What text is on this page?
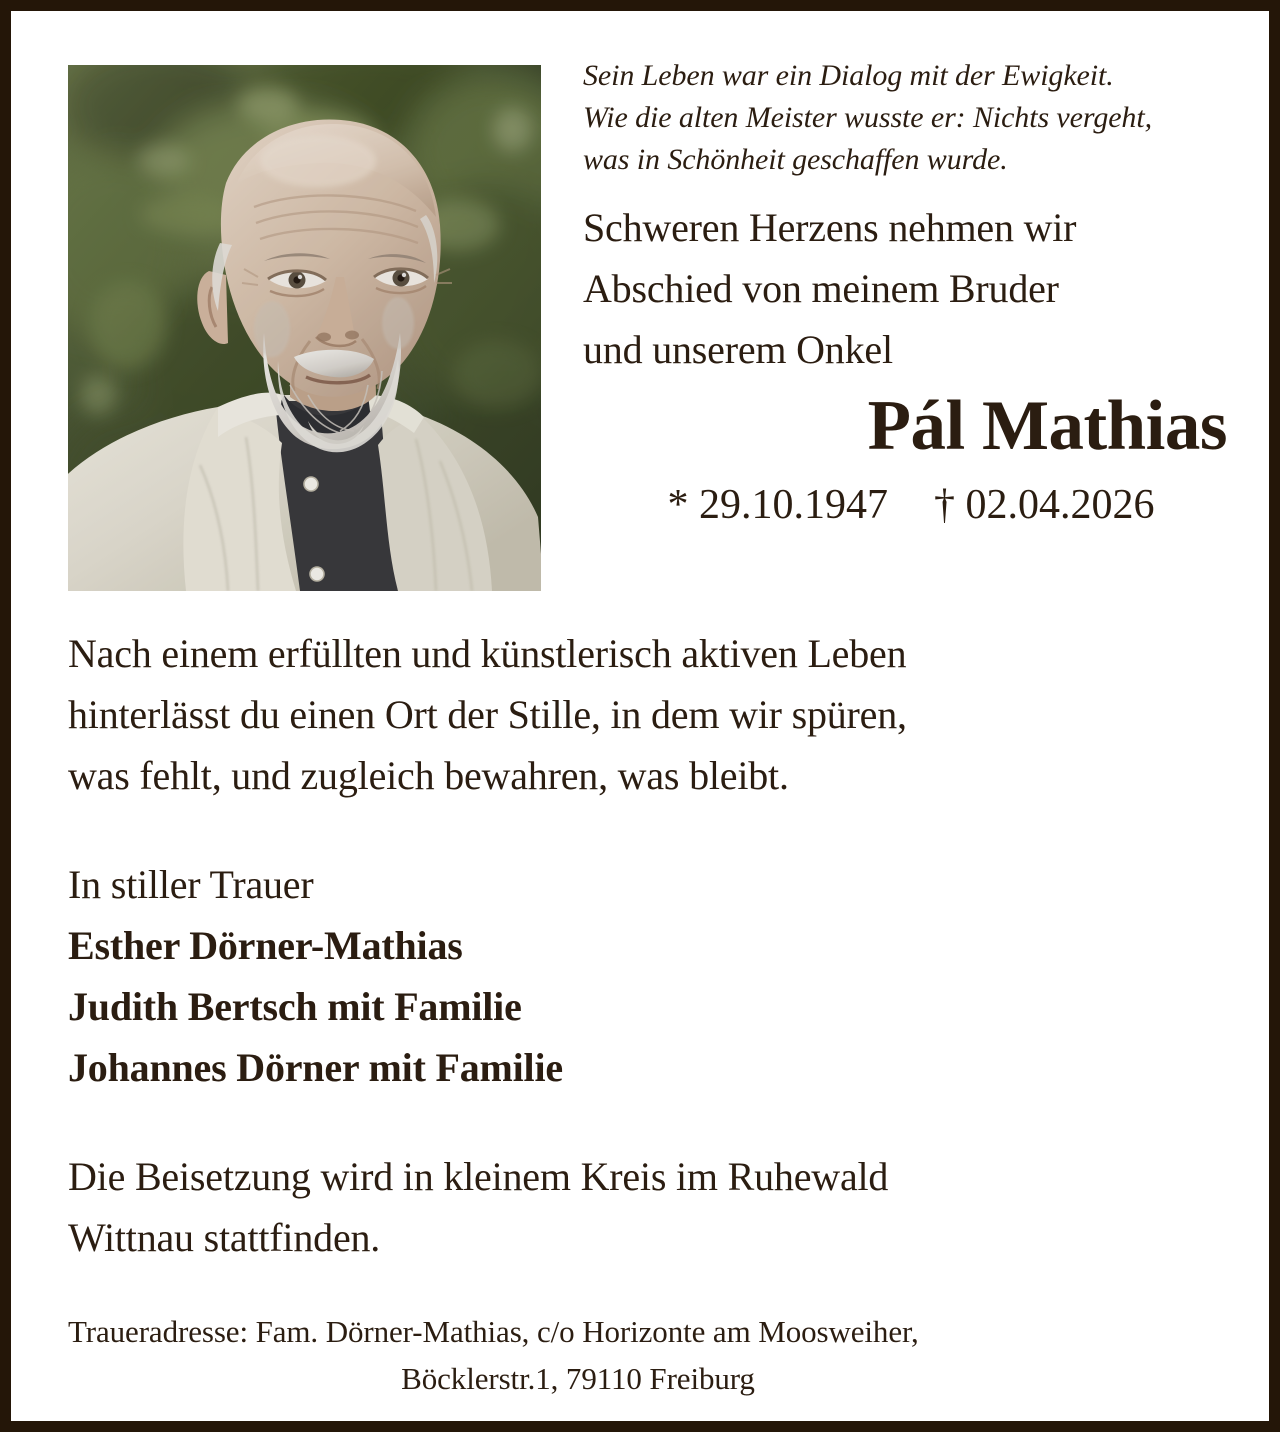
Sein Leben war ein Dialog mit der Ewigkeit.
Wie die alten Meister wusste er: Nichts vergeht,
was in Schönheit geschaffen wurde.
Schweren Herzens nehmen wir
Abschied von meinem Bruder
und unserem Onkel
Pál Mathias
* 29.10.1947 † 02.04.2026
Nach einem erfüllten und künstlerisch aktiven Leben
hinterlässt du einen Ort der Stille, in dem wir spüren,
was fehlt, und zugleich bewahren, was bleibt.
In stiller Trauer
Esther Dörner-Mathias
Judith Bertsch mit Familie
Johannes Dörner mit Familie
Die Beisetzung wird in kleinem Kreis im Ruhewald
Wittnau stattfinden.
Traueradresse: Fam. Dörner-Mathias, c/o Horizonte am Moosweiher,
Böcklerstr.1, 79110 Freiburg
